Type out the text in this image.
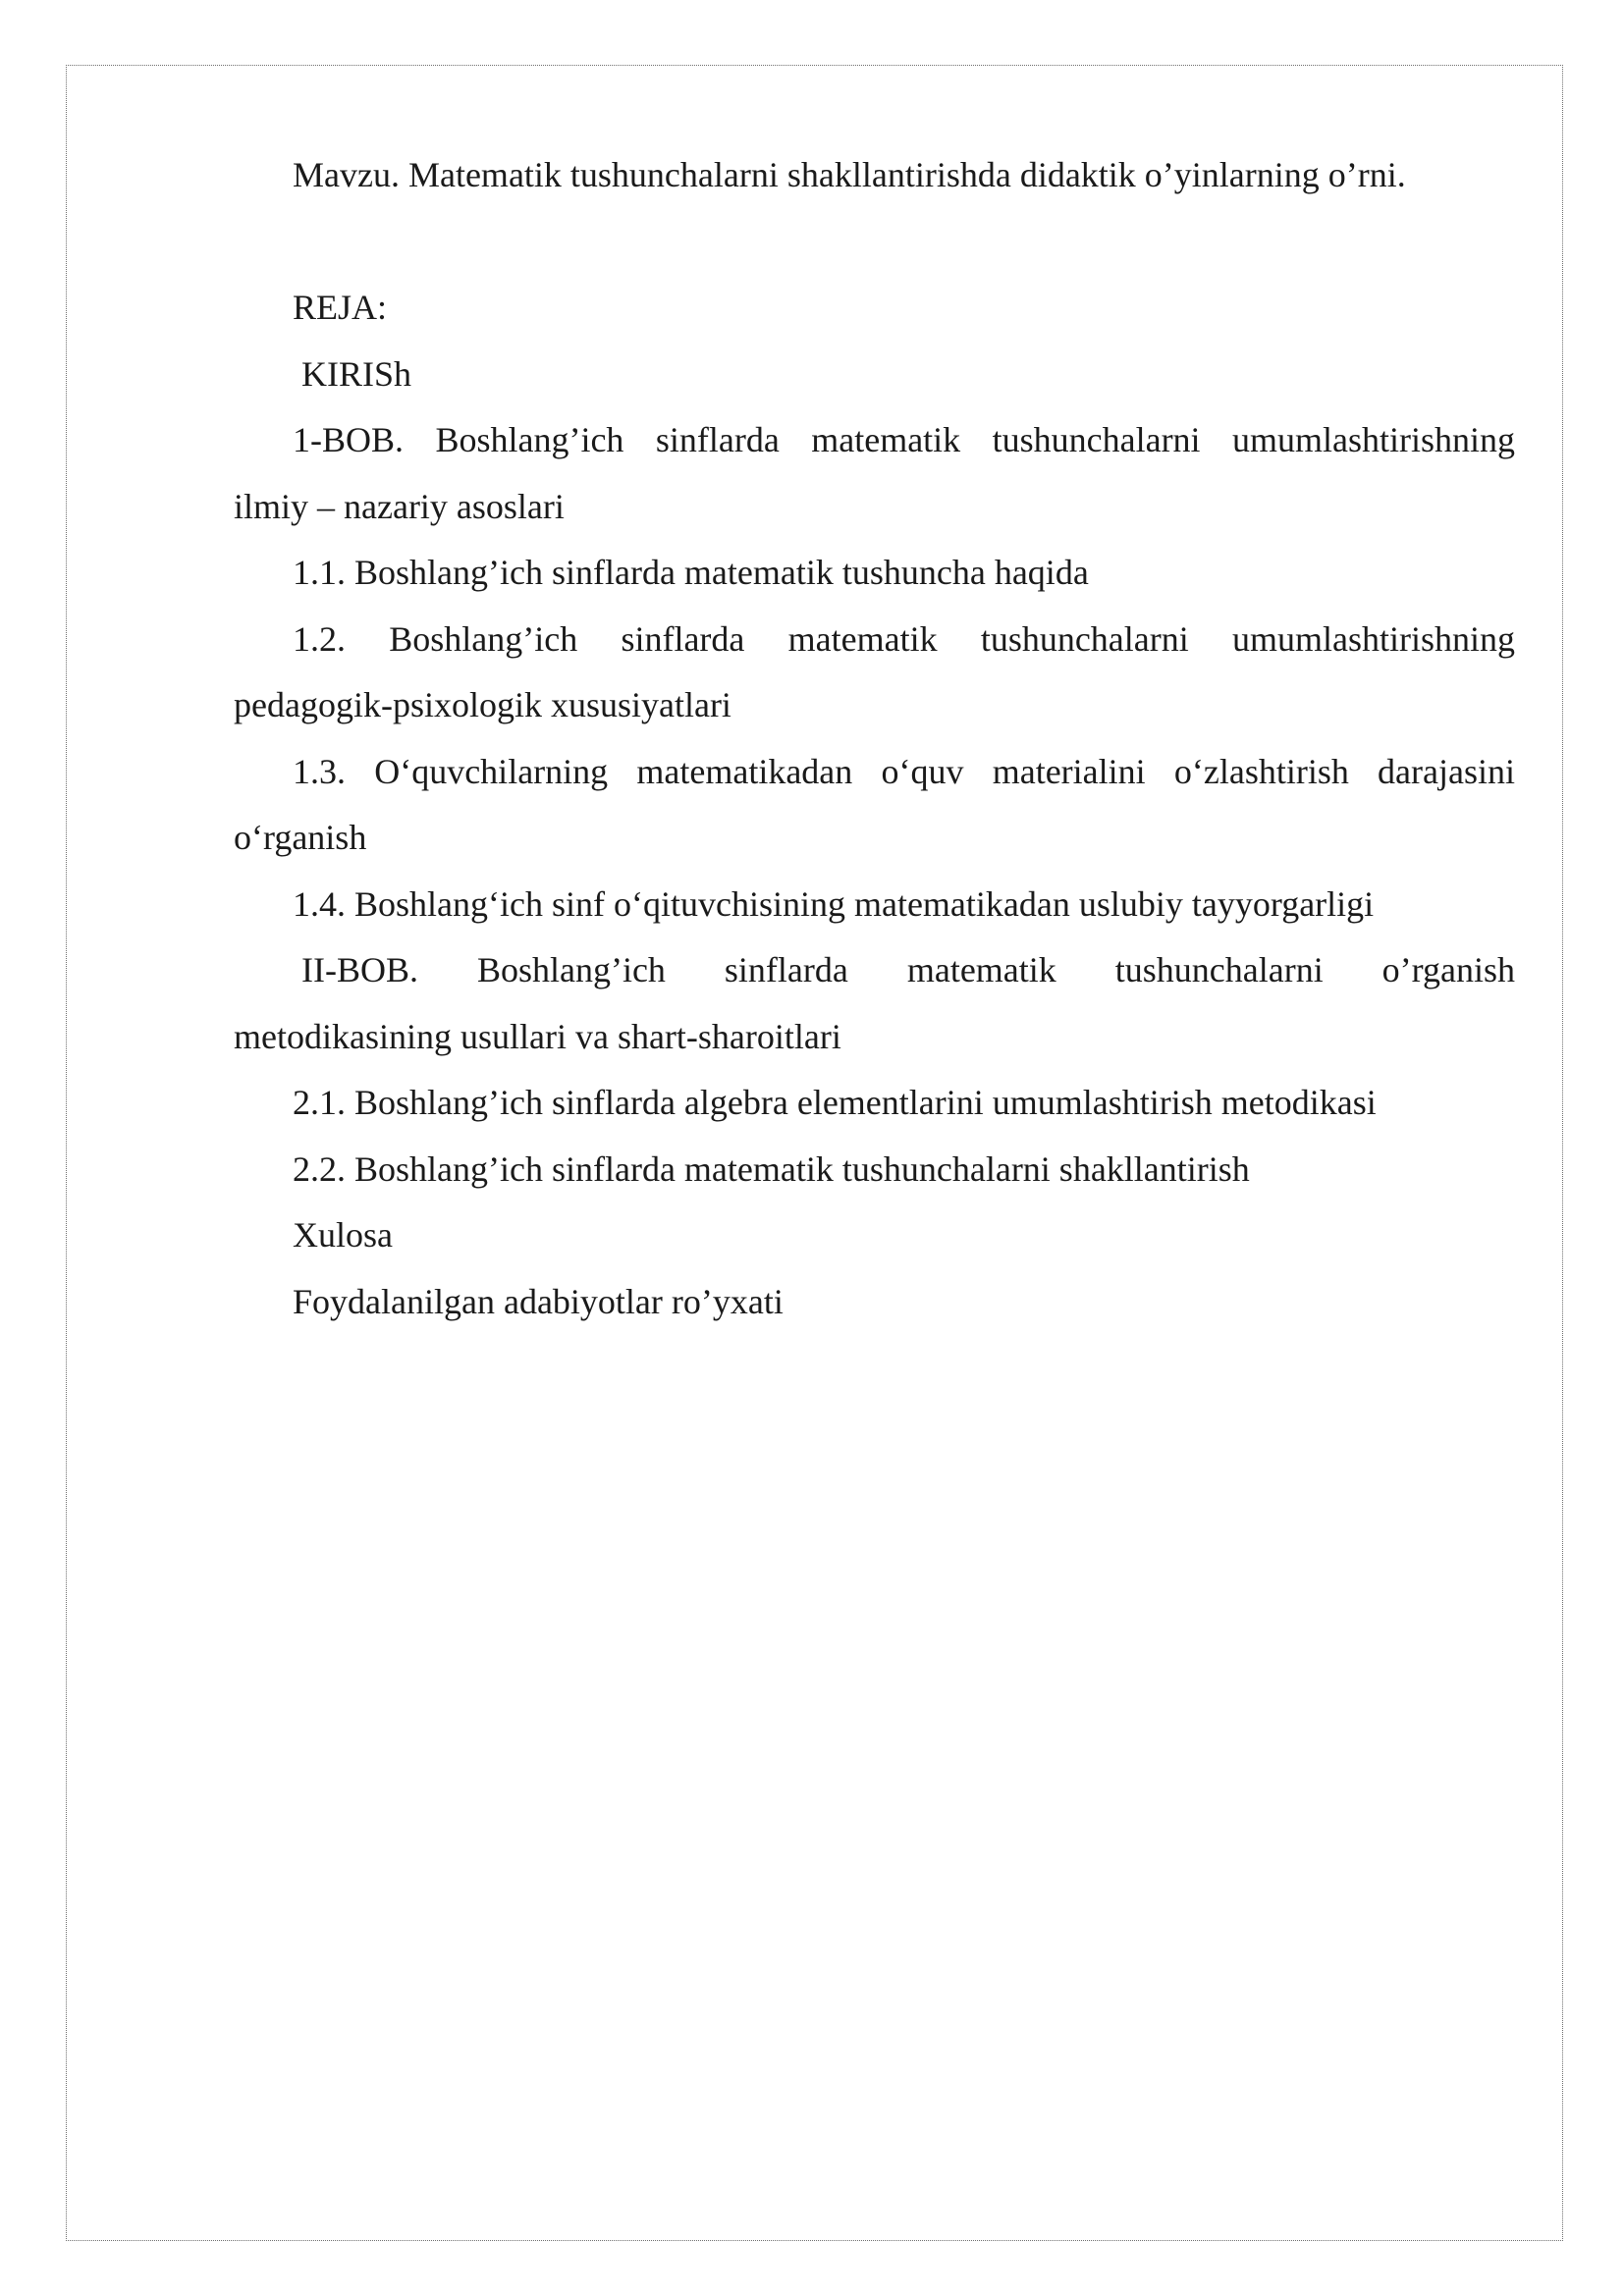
Mavzu. Matematik tushunchalarni shakllantirishda didaktik o’yinlarning o’rni.

REJA:

KIRISh

1-BOB. Boshlang’ich sinflarda matematik tushunchalarni umumlashtirishning

ilmiy – nazariy asoslari

1.1. Boshlang’ich sinflarda matematik tushuncha haqida

1.2. Boshlang’ich sinflarda matematik tushunchalarni umumlashtirishning

pedagogik-psixologik xususiyatlari

1.3. O‘quvchilarning matematikadan o‘quv materialini o‘zlashtirish darajasini

o‘rganish

1.4. Boshlang‘ich sinf o‘qituvchisining matematikadan uslubiy tayyorgarligi

II-BOB. Boshlang’ich sinflarda matematik tushunchalarni o’rganish

metodikasining usullari va shart-sharoitlari

2.1. Boshlang’ich sinflarda algebra elementlarini umumlashtirish metodikasi

2.2. Boshlang’ich sinflarda matematik tushunchalarni shakllantirish

Xulosa

Foydalanilgan adabiyotlar ro’yxati
